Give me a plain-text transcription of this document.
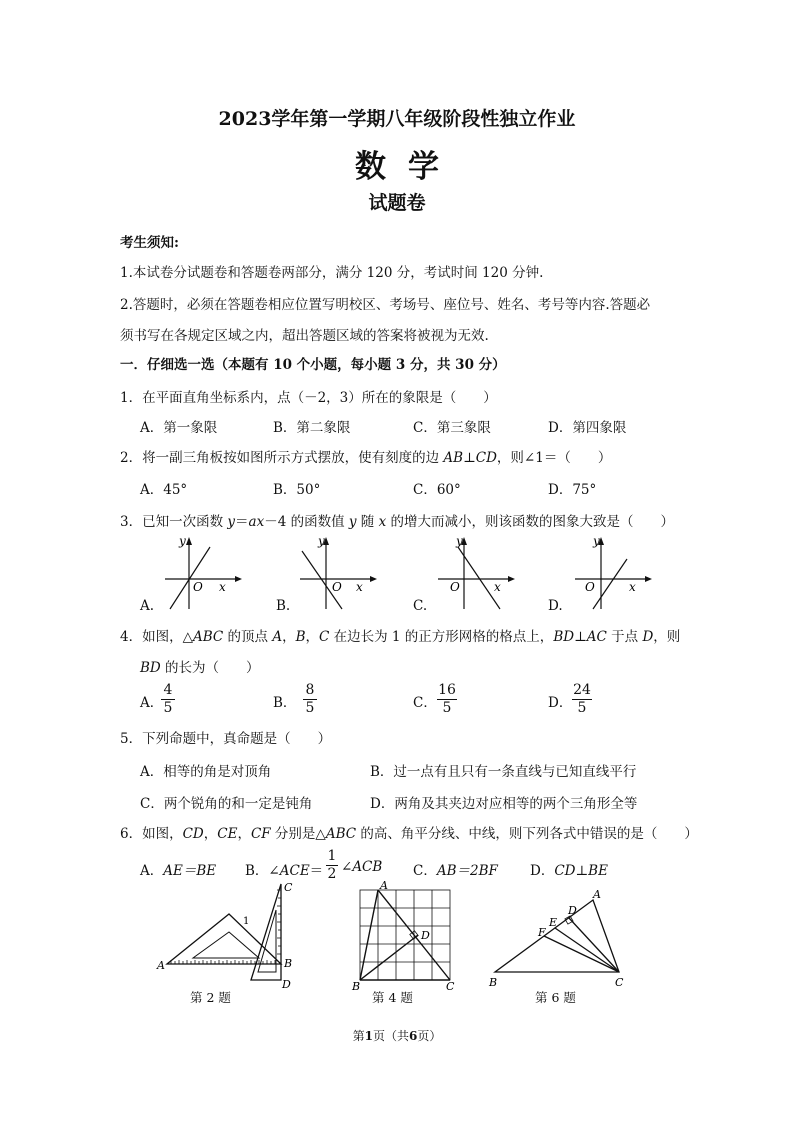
2023学年第一学期八年级阶段性独立作业
数学
试题卷
考生须知:
1.本试卷分试题卷和答题卷两部分，满分 120 分，考试时间 120 分钟.
2.答题时，必须在答题卷相应位置写明校区、考场号、座位号、姓名、考号等内容.答题必
须书写在各规定区域之内，超出答题区域的答案将被视为无效.
一．仔细选一选（本题有 10 个小题，每小题 3 分，共 30 分）
1．在平面直角坐标系内，点（－2，3）所在的象限是（　　）
A．第一象限	B．第二象限	C．第三象限	D．第四象限
2．将一副三角板按如图所示方式摆放，使有刻度的边 AB⊥CD，则∠1＝（　　）
A．45°	B．50°	C．60°	D．75°
3．已知一次函数 y＝ax－4 的函数值 y 随 x 的增大而减小，则该函数的图象大致是（　　）
y
x
O
y
x
O
y
x
O
y
x
O
A.	B.	C.	D.
4．如图，△ABC 的顶点 A，B，C 在边长为 1 的正方形网格的格点上，BD⊥AC 于点 D，则
BD 的长为（　　）
A．
$\frac{4}{5}$	B． $\frac{8}{5}$	C． $\frac{16}{5}$	D． $\frac{24}{5}$
5．下列命题中，真命题是（　　）
A．相等的角是对顶角	B．过一点有且只有一条直线与已知直线平行
C．两个锐角的和一定是钝角	D．两角及其夹边对应相等的两个三角形全等
6．如图，CD，CE，CF 分别是△ABC 的高、角平分线、中线，则下列各式中错误的是（　　）
A．AE＝BE B．∠ACE＝ $\frac{1}{2}$ ∠ACB C．AB＝2BF D．CD⊥BE
A	B
C
D
1
第 2 题
A
B	C
D
第 4 题
A
B	C
D
E
F
第 6 题
第1页（共6页）
